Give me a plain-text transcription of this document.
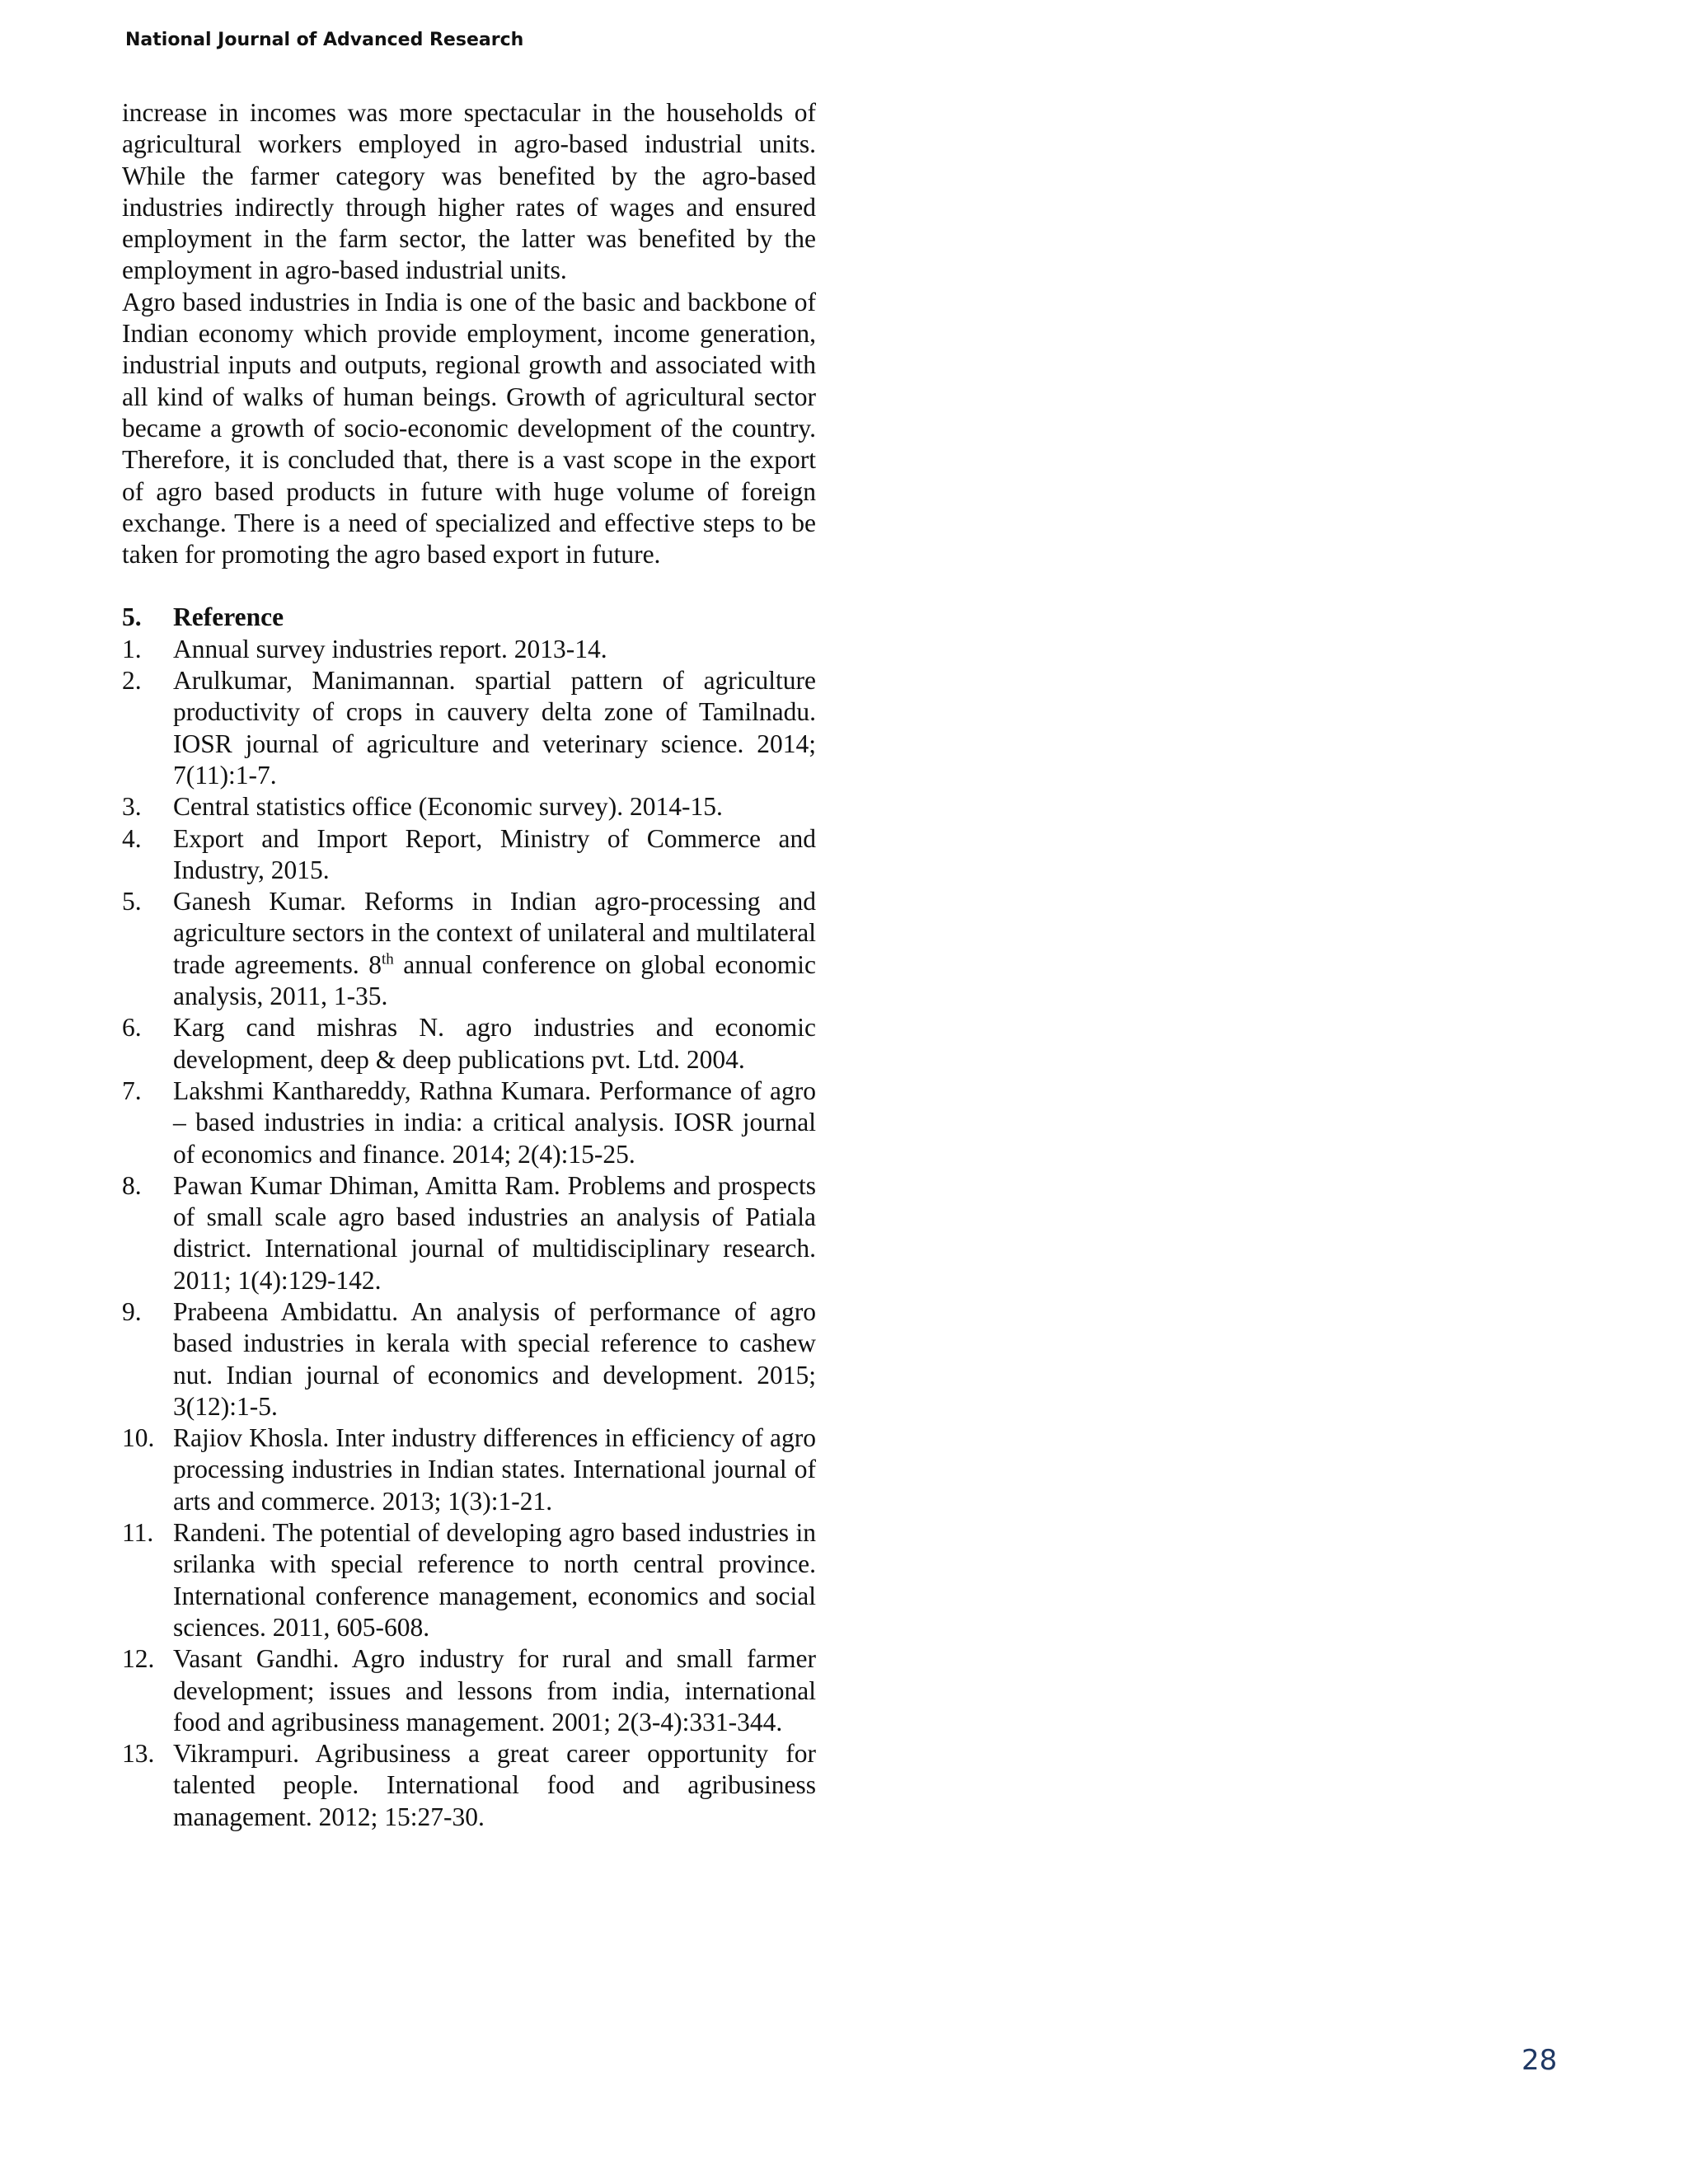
National Journal of Advanced Research

increase in incomes was more spectacular in the households of agricultural workers employed in agro-based industrial units. While the farmer category was benefited by the agro-based industries indirectly through higher rates of wages and ensured employment in the farm sector, the latter was benefited by the employment in agro-based industrial units.

Agro based industries in India is one of the basic and backbone of Indian economy which provide employment, income generation, industrial inputs and outputs, regional growth and associated with all kind of walks of human beings. Growth of agricultural sector became a growth of socio-economic development of the country. Therefore, it is concluded that, there is a vast scope in the export of agro based products in future with huge volume of foreign exchange. There is a need of specialized and effective steps to be taken for promoting the agro based export in future.

5.	Reference
1.	Annual survey industries report. 2013-14.
2.	Arulkumar, Manimannan. spartial pattern of agriculture productivity of crops in cauvery delta zone of Tamilnadu. IOSR journal of agriculture and veterinary science. 2014; 7(11):1-7.
3.	Central statistics office (Economic survey). 2014-15.
4.	Export and Import Report, Ministry of Commerce and Industry, 2015.
5.	Ganesh Kumar. Reforms in Indian agro-processing and agriculture sectors in the context of unilateral and multilateral trade agreements. 8th annual conference on global economic analysis, 2011, 1-35.
6.	Karg cand mishras N. agro industries and economic development, deep & deep publications pvt. Ltd. 2004.
7.	Lakshmi Kanthareddy, Rathna Kumara. Performance of agro – based industries in india: a critical analysis. IOSR journal of economics and finance. 2014; 2(4):15-25.
8.	Pawan Kumar Dhiman, Amitta Ram. Problems and prospects of small scale agro based industries an analysis of Patiala district. International journal of multidisciplinary research. 2011; 1(4):129-142.
9.	Prabeena Ambidattu. An analysis of performance of agro based industries in kerala with special reference to cashew nut. Indian journal of economics and development. 2015; 3(12):1-5.
10. Rajiov Khosla. Inter industry differences in efficiency of agro processing industries in Indian states. International journal of arts and commerce. 2013; 1(3):1-21.
11. Randeni. The potential of developing agro based industries in srilanka with special reference to north central province. International conference management, economics and social sciences. 2011, 605-608.
12. Vasant Gandhi. Agro industry for rural and small farmer development; issues and lessons from india, international food and agribusiness management. 2001; 2(3-4):331-344.
13. Vikrampuri. Agribusiness a great career opportunity for talented people. International food and agribusiness management. 2012; 15:27-30.
28
